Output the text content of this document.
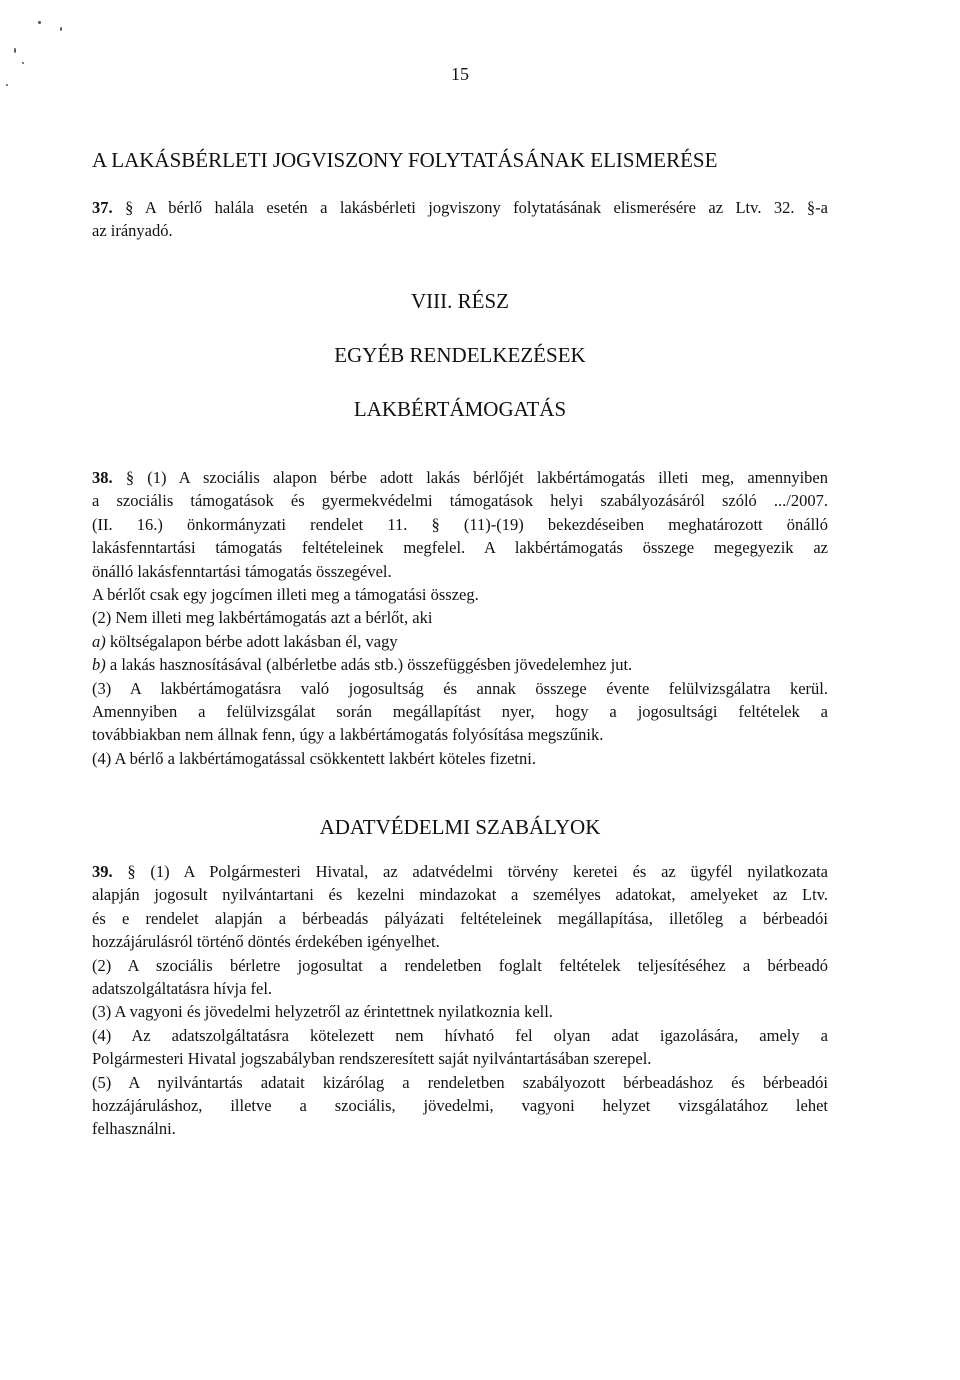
15
A LAKÁSBÉRLETI JOGVISZONY FOLYTATÁSÁNAK ELISMERÉSE
37. § A bérlő halála esetén a lakásbérleti jogviszony folytatásának elismerésére az Ltv. 32. §-a
az irányadó.
VIII. RÉSZ
EGYÉB RENDELKEZÉSEK
LAKBÉRTÁMOGATÁS
38. § (1) A szociális alapon bérbe adott lakás bérlőjét lakbértámogatás illeti meg, amennyiben
a szociális támogatások és gyermekvédelmi támogatások helyi szabályozásáról szóló .../2007.
(II. 16.) önkormányzati rendelet 11. § (11)-(19) bekezdéseiben meghatározott önálló
lakásfenntartási támogatás feltételeinek megfelel. A lakbértámogatás összege megegyezik az
önálló lakásfenntartási támogatás összegével.
A bérlőt csak egy jogcímen illeti meg a támogatási összeg.
(2) Nem illeti meg lakbértámogatás azt a bérlőt, aki
a) költségalapon bérbe adott lakásban él, vagy
b) a lakás hasznosításával (albérletbe adás stb.) összefüggésben jövedelemhez jut.
(3) A lakbértámogatásra való jogosultság és annak összege évente felülvizsgálatra kerül.
Amennyiben a felülvizsgálat során megállapítást nyer, hogy a jogosultsági feltételek a
továbbiakban nem állnak fenn, úgy a lakbértámogatás folyósítása megszűnik.
(4) A bérlő a lakbértámogatással csökkentett lakbért köteles fizetni.
ADATVÉDELMI SZABÁLYOK
39. § (1) A Polgármesteri Hivatal, az adatvédelmi törvény keretei és az ügyfél nyilatkozata
alapján jogosult nyilvántartani és kezelni mindazokat a személyes adatokat, amelyeket az Ltv.
és e rendelet alapján a bérbeadás pályázati feltételeinek megállapítása, illetőleg a bérbeadói
hozzájárulásról történő döntés érdekében igényelhet.
(2) A szociális bérletre jogosultat a rendeletben foglalt feltételek teljesítéséhez a bérbeadó
adatszolgáltatásra hívja fel.
(3) A vagyoni és jövedelmi helyzetről az érintettnek nyilatkoznia kell.
(4) Az adatszolgáltatásra kötelezett nem hívható fel olyan adat igazolására, amely a
Polgármesteri Hivatal jogszabályban rendszeresített saját nyilvántartásában szerepel.
(5) A nyilvántartás adatait kizárólag a rendeletben szabályozott bérbeadáshoz és bérbeadói
hozzájáruláshoz, illetve a szociális, jövedelmi, vagyoni helyzet vizsgálatához lehet
felhasználni.
